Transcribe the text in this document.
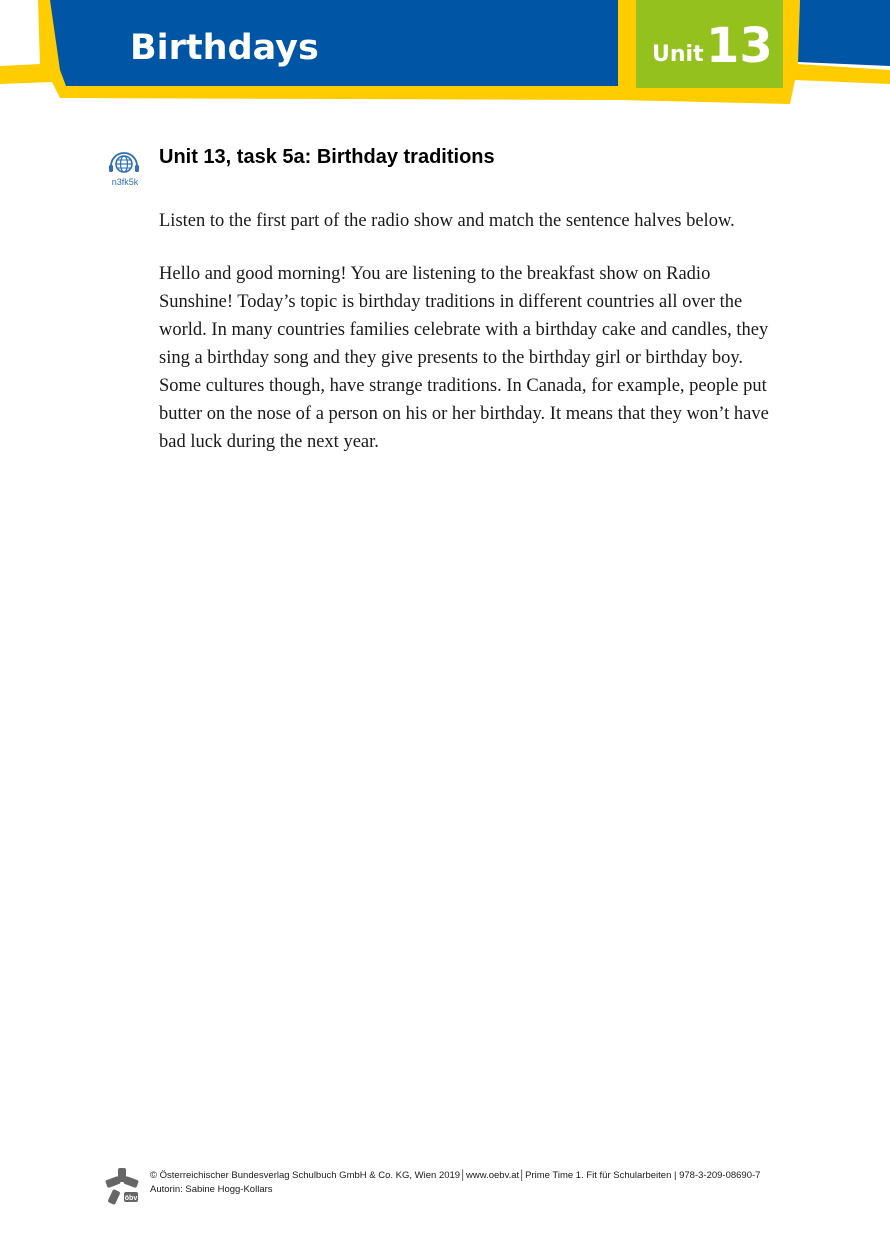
Birthdays	Unit 13
n3fk5k
Unit 13, task 5a: Birthday traditions
Listen to the first part of the radio show and match the sentence halves below.
Hello and good morning! You are listening to the breakfast show on Radio Sunshine! Today’s topic is birthday traditions in different countries all over the world. In many countries families celebrate with a birthday cake and candles, they sing a birthday song and they give presents to the birthday girl or birthday boy. Some cultures though, have strange traditions. In Canada, for example, people put butter on the nose of a person on his or her birthday. It means that they won’t have bad luck during the next year.
öbv
© Österreichischer Bundesverlag Schulbuch GmbH & Co. KG, Wien 2019│www.oebv.at│Prime Time 1. Fit für Schularbeiten | 978-3-209-08690-7
Autorin: Sabine Hogg-Kollars
